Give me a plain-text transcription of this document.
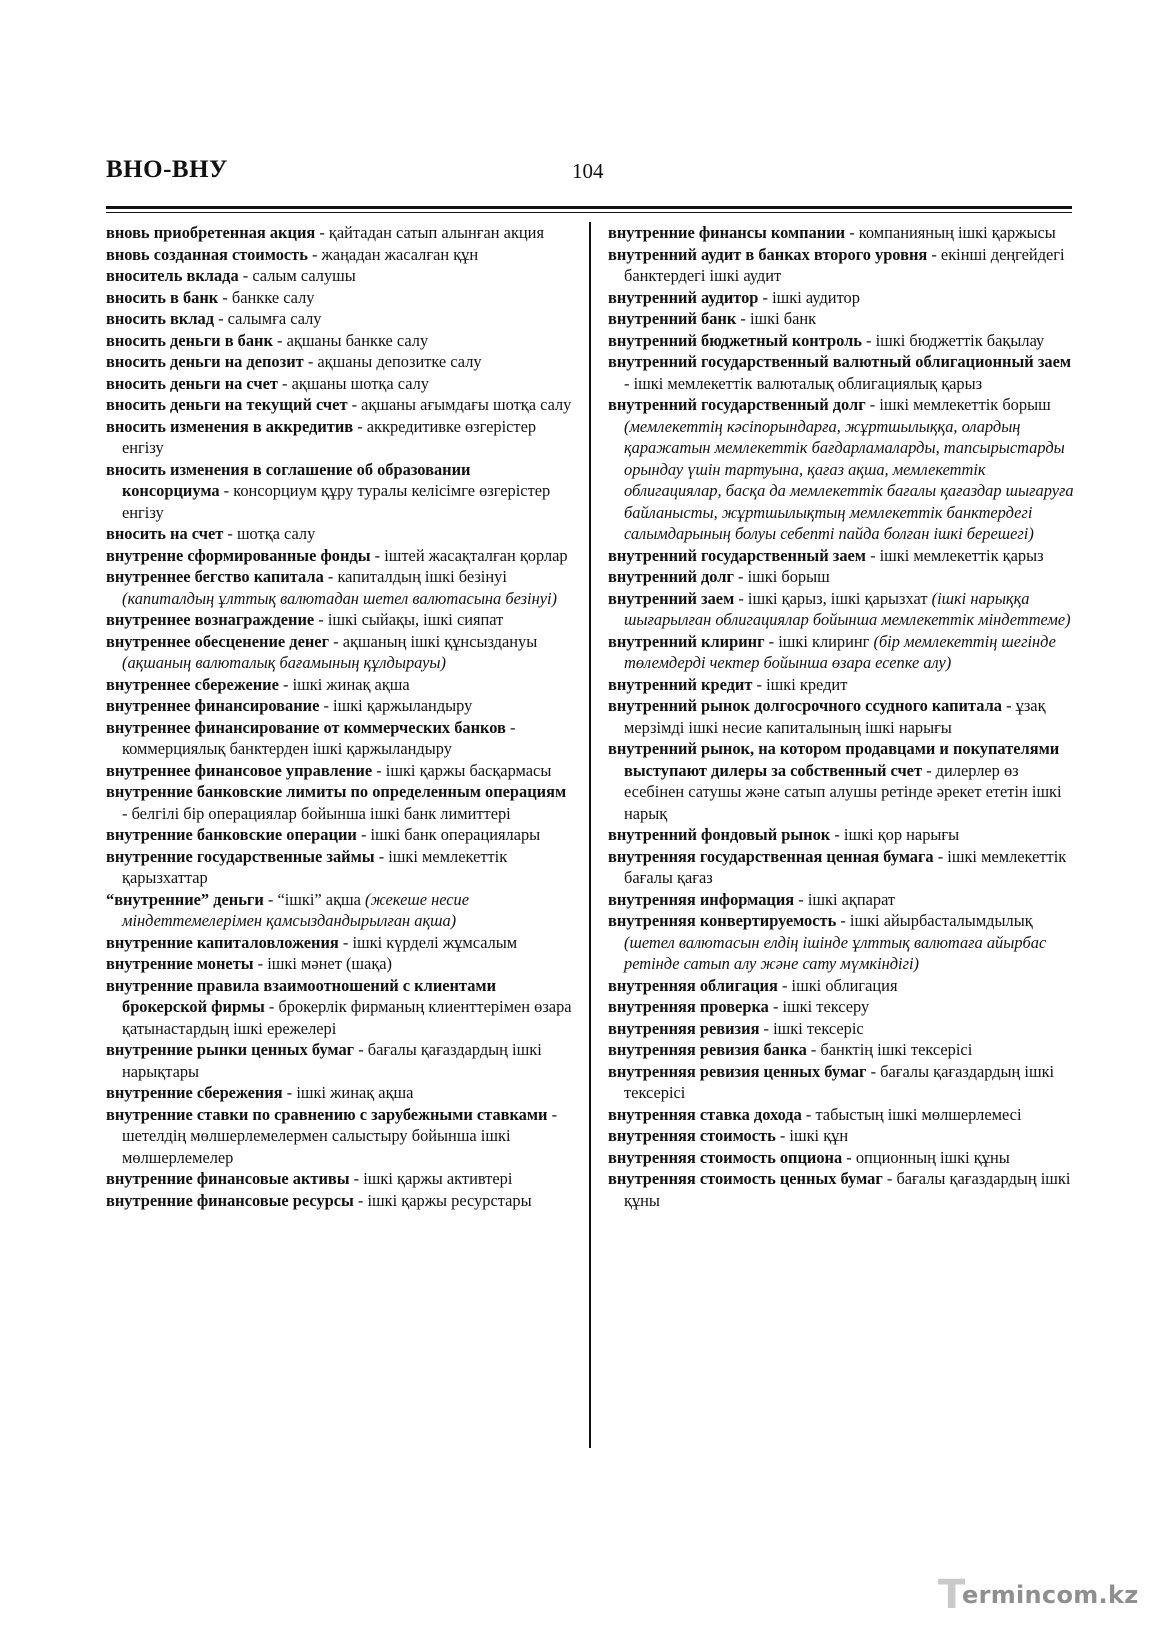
ВНО-ВНУ	104

вновь приобретенная акция - қайтадан сатып алынған акция

вновь созданная стоимость - жаңадан жасалған құн

вноситель вклада - салым салушы

вносить в банк - банкке салу

вносить вклад - салымға салу

вносить деньги в банк - ақшаны банкке салу

вносить деньги на депозит - ақшаны депозитке салу

вносить деньги на счет - ақшаны шотқа салу

вносить деньги на текущий счет - ақшаны ағымдағы шотқа салу

вносить изменения в аккредитив - аккредитивке өзгерістер енгізу

вносить изменения в соглашение об образовании консорциума - консорциум құру туралы келісімге өзгерістер енгізу

вносить на счет - шотқа салу

внутренне сформированные фонды - іштей жасақталған қорлар

внутреннее бегство капитала - капиталдың ішкі безінуі (капиталдың ұлттық валютадан шетел валютасына безінуі)

внутреннее вознаграждение - ішкі сыйақы, ішкі сияпат

внутреннее обесценение денег - ақшаның ішкі құнсыздануы (ақшаның валюталық бағамының құлдырауы)

внутреннее сбережение - ішкі жинақ ақша

внутреннее финансирование - ішкі қаржыландыру

внутреннее финансирование от коммерческих банков - коммерциялық банктерден ішкі қаржыландыру

внутреннее финансовое управление - ішкі қаржы басқармасы

внутренние банковские лимиты по определенным операциям - белгілі бір операциялар бойынша ішкі банк лимиттері

внутренние банковские операции - ішкі банк операциялары

внутренние государственные займы - ішкі мемлекеттік қарызхаттар

“внутренние” деньги - “ішкі” ақша (жекеше несие міндеттемелерімен қамсыздандырылған ақша)

внутренние капиталовложения - ішкі күрделі жұмсалым

внутренние монеты - ішкі мәнет (шақа)

внутренние правила взаимоотношений с клиентами брокерской фирмы - брокерлік фирманың клиенттерімен өзара қатынастардың ішкі ережелері

внутренние рынки ценных бумаг - бағалы қағаздардың ішкі нарықтары

внутренние сбережения - ішкі жинақ ақша

внутренние ставки по сравнению с зарубежными ставками - шетелдің мөлшерлемелермен салыстыру бойынша ішкі мөлшерлемелер

внутренние финансовые активы - ішкі қаржы активтері

внутренние финансовые ресурсы - ішкі қаржы ресурстары

внутренние финансы компании - компанияның ішкі қаржысы

внутренний аудит в банках второго уровня - екінші деңгейдегі банктердегі ішкі аудит

внутренний аудитор - ішкі аудитор

внутренний банк - ішкі банк

внутренний бюджетный контроль - ішкі бюджеттік бақылау

внутренний государственный валютный облигационный заем - ішкі мемлекеттік валюталық облигациялық қарыз

внутренний государственный долг - ішкі мемлекеттік борыш (мемлекеттің кәсіпорындарға, жұртшылыққа, олардың қаражатын мемлекеттік бағдарламаларды, тапсырыстарды орындау үшін тартуына, қағаз ақша, мемлекеттік облигациялар, басқа да мемлекеттік бағалы қағаздар шығаруға байланысты, жұртшылықтың мемлекеттік банктердегі салымдарының болуы себепті пайда болған ішкі берешегі)

внутренний государственный заем - ішкі мемлекеттік қарыз

внутренний долг - ішкі борыш

внутренний заем - ішкі қарыз, ішкі қарызхат (ішкі нарыққа шығарылған облигациялар бойынша мемлекеттік міндеттеме)

внутренний клиринг - ішкі клиринг (бір мемлекеттің шегінде төлемдерді чектер бойынша өзара есепке алу)

внутренний кредит - ішкі кредит

внутренний рынок долгосрочного ссудного капитала - ұзақ мерзімді ішкі несие капиталының ішкі нарығы

внутренний рынок, на котором продавцами и покупателями выступают дилеры за собственный счет - дилерлер өз есебінен сатушы және сатып алушы ретінде әрекет ететін ішкі нарық

внутренний фондовый рынок - ішкі қор нарығы

внутренняя государственная ценная бумага - ішкі мемлекеттік бағалы қағаз

внутренняя информация - ішкі ақпарат

внутренняя конвертируемость - ішкі айырбасталымдылық (шетел валютасын елдің ішінде ұлттық валютаға айырбас ретінде сатып алу және сату мүмкіндігі)

внутренняя облигация - ішкі облигация

внутренняя проверка - ішкі тексеру

внутренняя ревизия - ішкі тексеріс

внутренняя ревизия банка - банктің ішкі тексерісі

внутренняя ревизия ценных бумаг - бағалы қағаздардың ішкі тексерісі

внутренняя ставка дохода - табыстың ішкі мөлшерлемесі

внутренняя стоимость - ішкі құн

внутренняя стоимость опциона - опционның ішкі құны

внутренняя стоимость ценных бумаг - бағалы қағаздардың ішкі құны

T
ermincom.kz
